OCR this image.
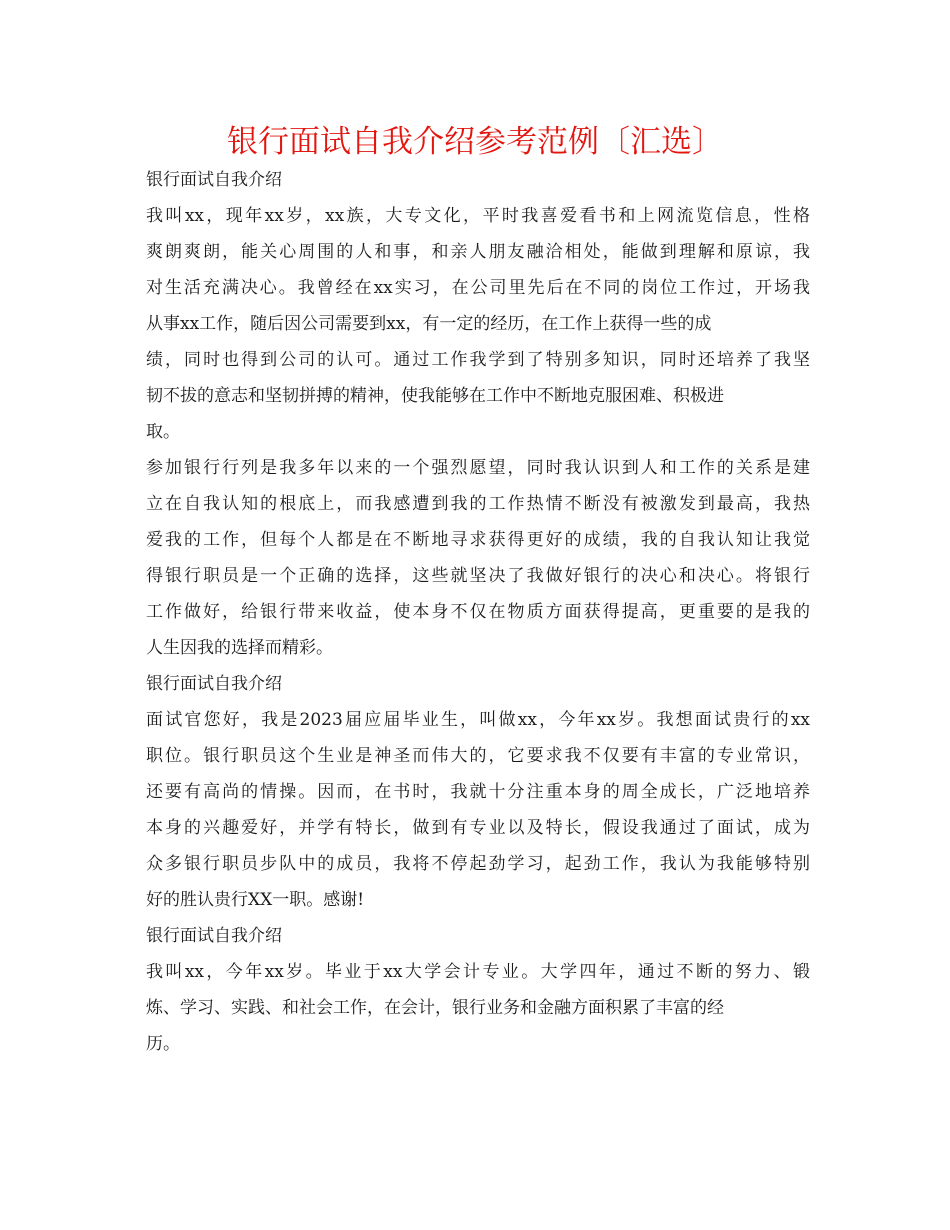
银行面试自我介绍参考范例〔汇选〕

银行面试自我介绍

我叫xx，现年xx岁，xx族，大专文化，平时我喜爱看书和上网流览信息，性格
爽朗爽朗，能关心周围的人和事，和亲人朋友融洽相处，能做到理解和原谅，我
对生活充满决心。我曾经在xx实习，在公司里先后在不同的岗位工作过，开场我
从事xx工作，随后因公司需要到xx，有一定的经历，在工作上获得一些的成
绩，同时也得到公司的认可。通过工作我学到了特别多知识，同时还培养了我坚
韧不拔的意志和坚韧拼搏的精神，使我能够在工作中不断地克服困难、积极进
取。

参加银行行列是我多年以来的一个强烈愿望，同时我认识到人和工作的关系是建
立在自我认知的根底上，而我感遭到我的工作热情不断没有被激发到最高，我热
爱我的工作，但每个人都是在不断地寻求获得更好的成绩，我的自我认知让我觉
得银行职员是一个正确的选择，这些就坚决了我做好银行的决心和决心。将银行
工作做好，给银行带来收益，使本身不仅在物质方面获得提高，更重要的是我的
人生因我的选择而精彩。

银行面试自我介绍

面试官您好，我是2023届应届毕业生，叫做xx，今年xx岁。我想面试贵行的xx
职位。银行职员这个生业是神圣而伟大的，它要求我不仅要有丰富的专业常识，
还要有高尚的情操。因而，在书时，我就十分注重本身的周全成长，广泛地培养
本身的兴趣爱好，并学有特长，做到有专业以及特长，假设我通过了面试，成为
众多银行职员步队中的成员，我将不停起劲学习，起劲工作，我认为我能够特别
好的胜认贵行XX一职。感谢!

银行面试自我介绍

我叫xx，今年xx岁。毕业于xx大学会计专业。大学四年，通过不断的努力、锻
炼、学习、实践、和社会工作，在会计，银行业务和金融方面积累了丰富的经
历。
